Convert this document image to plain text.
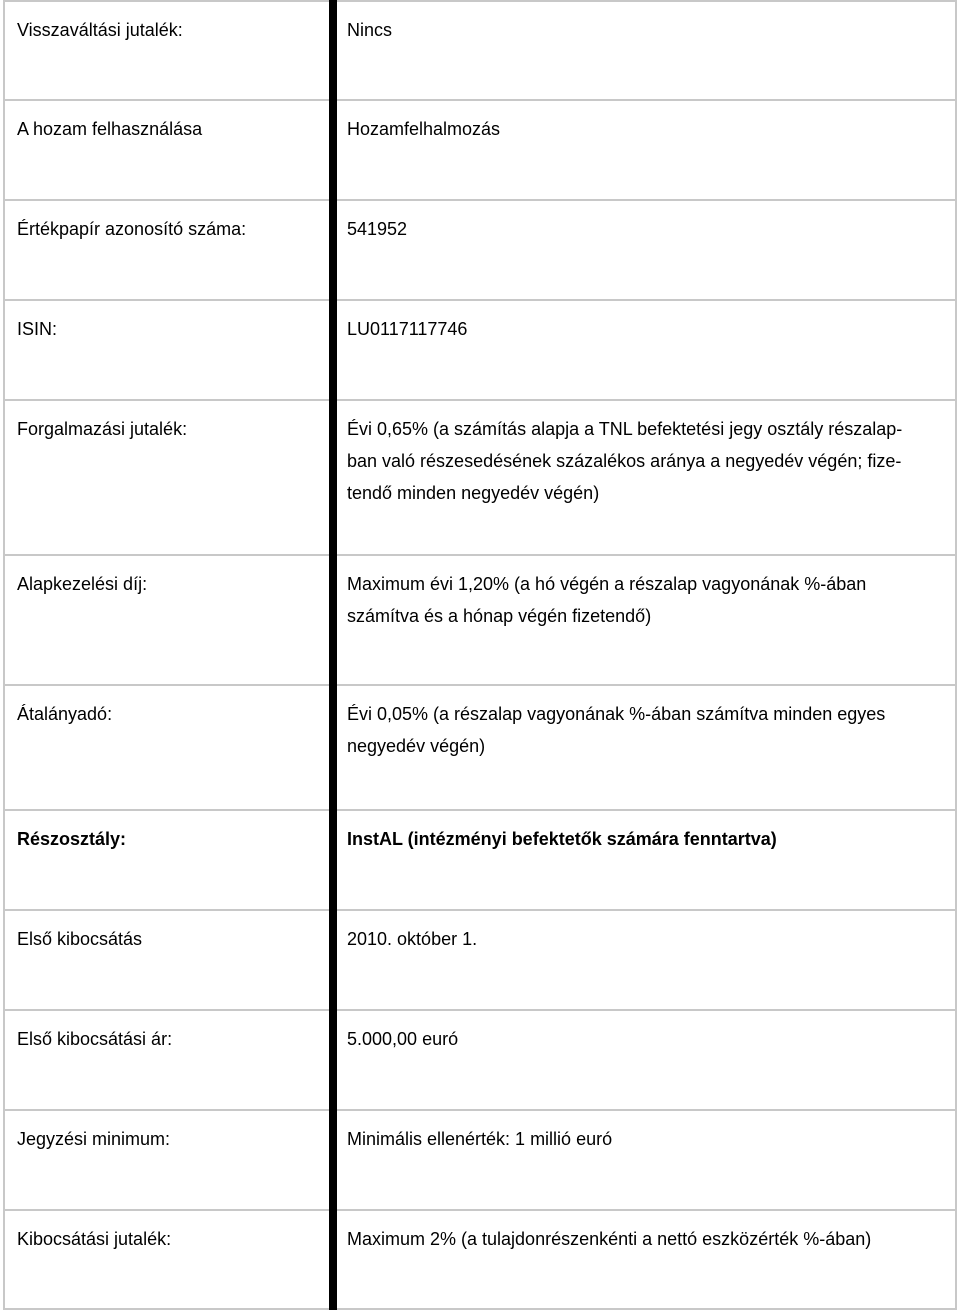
Visszaváltási jutalék:	Nincs

A hozam felhasználása	Hozamfelhalmozás

Értékpapír azonosító száma:	541952

ISIN:	LU0117117746

Forgalmazási jutalék:	Évi 0,65% (a számítás alapja a TNL befektetési jegy osztály részalap-
ban való részesedésének százalékos aránya a negyedév végén; fize-
tendő minden negyedév végén)

Alapkezelési díj:	Maximum évi 1,20% (a hó végén a részalap vagyonának %-ában
számítva és a hónap végén fizetendő)

Átalányadó:	Évi 0,05% (a részalap vagyonának %-ában számítva minden egyes
negyedév végén)

Részosztály:	InstAL (intézményi befektetők számára fenntartva)

Első kibocsátás	2010. október 1.

Első kibocsátási ár:	5.000,00 euró

Jegyzési minimum:	Minimális ellenérték: 1 millió euró

Kibocsátási jutalék:	Maximum 2% (a tulajdonrészenkénti a nettó eszközérték %-ában)
